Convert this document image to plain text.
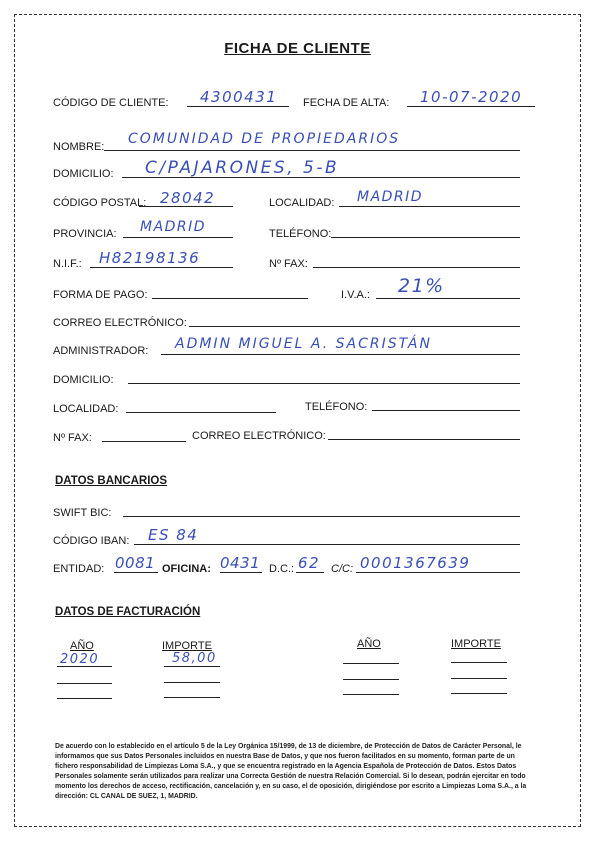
FICHA DE CLIENTE
CÓDIGO DE CLIENTE: 4300431 FECHA DE ALTA: 10-07-2020
NOMBRE: COMUNIDAD DE PROPIEDARIOS
DOMICILIO: C/PAJARONES, 5-B
CÓDIGO POSTAL: 28042	LOCALIDAD: MADRID
PROVINCIA: MADRID	TELÉFONO:
N.I.F.: H82198136	Nº FAX:
FORMA DE PAGO:	I.V.A.: 21%
CORREO ELECTRÓNICO:
ADMINISTRADOR: ADMIN MIGUEL A. SACRISTÁN
DOMICILIO:
LOCALIDAD:	TELÉFONO:
Nº FAX:	CORREO ELECTRÓNICO:
DATOS BANCARIOS
SWIFT BIC:
CÓDIGO IBAN: ES 84
ENTIDAD: 0081 OFICINA: 0431 D.C.: 62 C/C: 0001367639
DATOS DE FACTURACIÓN
AÑO	IMPORTE	AÑO	IMPORTE
2020	58,00
De acuerdo con lo establecido en el artículo 5 de la Ley Orgánica 15/1999, de 13 de diciembre, de Protección de Datos de Carácter Personal, le informamos que sus Datos Personales incluidos en nuestra Base de Datos, y que nos fueron facilitados en su momento, forman parte de un fichero responsabilidad de Limpiezas Loma S.A., y que se encuentra registrado en la Agencia Española de Protección de Datos. Estos Datos Personales solamente serán utilizados para realizar una Correcta Gestión de nuestra Relación Comercial. Si lo desean, podrán ejercitar en todo momento los derechos de acceso, rectificación, cancelación y, en su caso, el de oposición, dirigiéndose por escrito a Limpiezas Loma S.A., a la dirección: CL CANAL DE SUEZ, 1, MADRID.
